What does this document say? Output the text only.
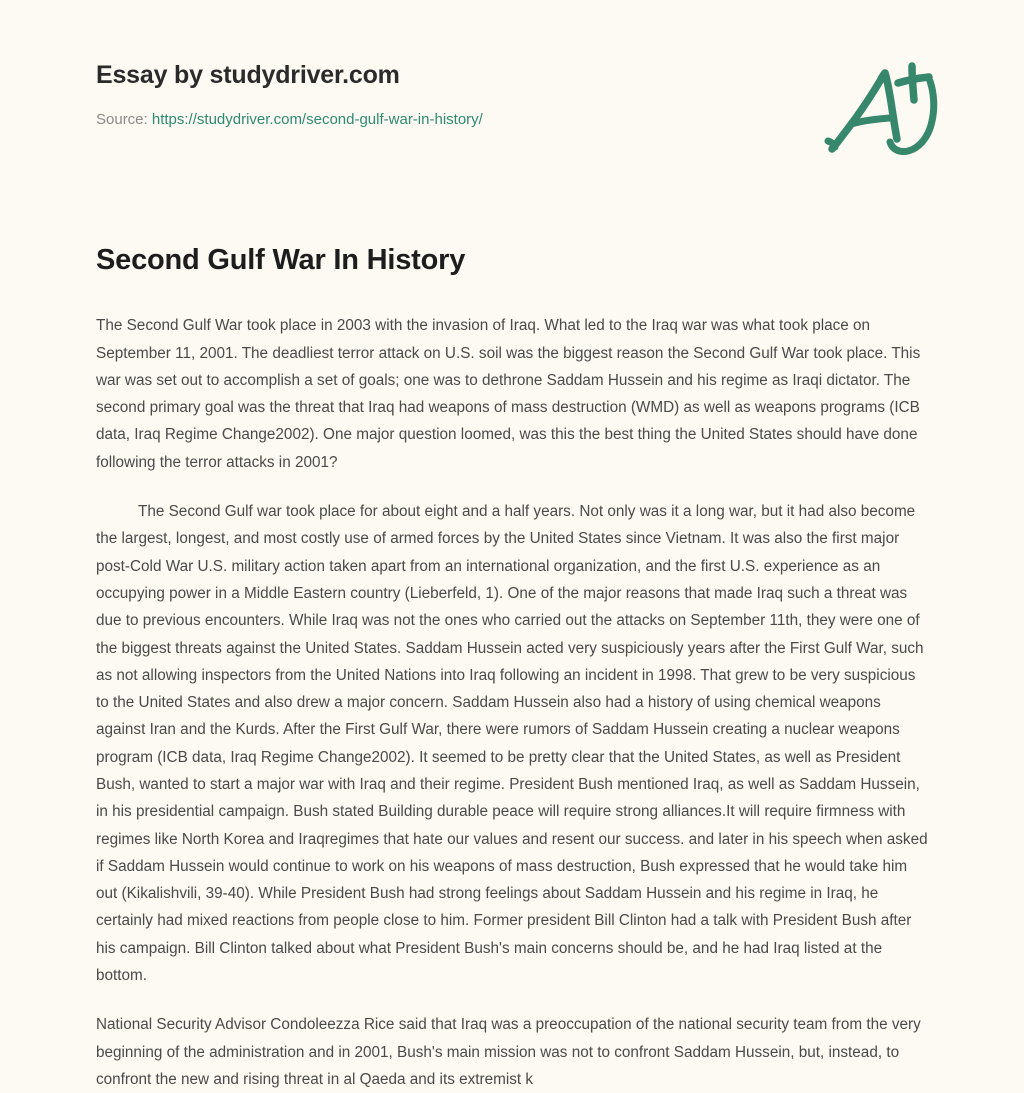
Essay by studydriver.com
Source: https://studydriver.com/second-gulf-war-in-history/
Second Gulf War In History

The Second Gulf War took place in 2003 with the invasion of Iraq. What led to the Iraq war was what took place on September 11, 2001. The deadliest terror attack on U.S. soil was the biggest reason the Second Gulf War took place. This war was set out to accomplish a set of goals; one was to dethrone Saddam Hussein and his regime as Iraqi dictator. The second primary goal was the threat that Iraq had weapons of mass destruction (WMD) as well as weapons programs (ICB data, Iraq Regime Change2002). One major question loomed, was this the best thing the United States should have done following the terror attacks in 2001?

The Second Gulf war took place for about eight and a half years. Not only was it a long war, but it had also become the largest, longest, and most costly use of armed forces by the United States since Vietnam. It was also the first major post-Cold War U.S. military action taken apart from an international organization, and the first U.S. experience as an occupying power in a Middle Eastern country (Lieberfeld, 1). One of the major reasons that made Iraq such a threat was due to previous encounters. While Iraq was not the ones who carried out the attacks on September 11th, they were one of the biggest threats against the United States. Saddam Hussein acted very suspiciously years after the First Gulf War, such as not allowing inspectors from the United Nations into Iraq following an incident in 1998. That grew to be very suspicious to the United States and also drew a major concern. Saddam Hussein also had a history of using chemical weapons against Iran and the Kurds. After the First Gulf War, there were rumors of Saddam Hussein creating a nuclear weapons program (ICB data, Iraq Regime Change2002). It seemed to be pretty clear that the United States, as well as President Bush, wanted to start a major war with Iraq and their regime. President Bush mentioned Iraq, as well as Saddam Hussein, in his presidential campaign. Bush stated Building durable peace will require strong alliances.It will require firmness with regimes like North Korea and Iraqregimes that hate our values and resent our success. and later in his speech when asked if Saddam Hussein would continue to work on his weapons of mass destruction, Bush expressed that he would take him out (Kikalishvili, 39-40). While President Bush had strong feelings about Saddam Hussein and his regime in Iraq, he certainly had mixed reactions from people close to him. Former president Bill Clinton had a talk with President Bush after his campaign. Bill Clinton talked about what President Bush's main concerns should be, and he had Iraq listed at the bottom.

National Security Advisor Condoleezza Rice said that Iraq was a preoccupation of the national security team from the very beginning of the administration and in 2001, Bush's main mission was not to confront Saddam Hussein, but, instead, to confront the new and rising threat in al Qaeda and its extremist k
